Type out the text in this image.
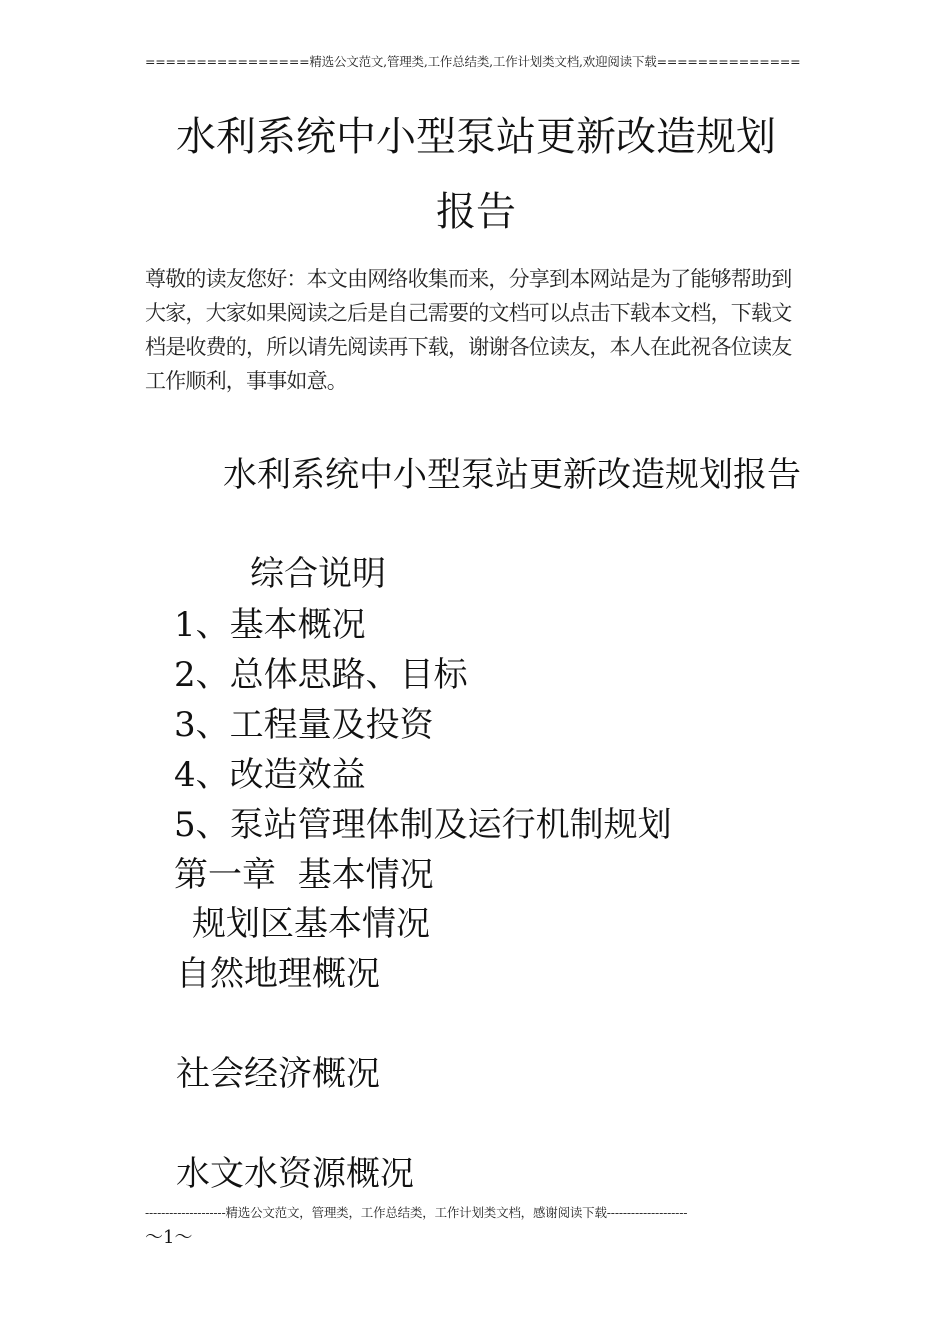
================精选公文范文,管理类,工作总结类,工作计划类文档,欢迎阅读下载==============
水利系统中小型泵站更新改造规划
报告
尊敬的读友您好：本文由网络收集而来，分享到本网站是为了能够帮助到大家，大家如果阅读之后是自己需要的文档可以点击下载本文档，下载文档是收费的，所以请先阅读再下载，谢谢各位读友，本人在此祝各位读友工作顺利，事事如意。
水利系统中小型泵站更新改造规划报告
综合说明
1、基本概况
2、总体思路、目标
3、工程量及投资
4、改造效益
5、泵站管理体制及运行机制规划
第一章  基本情况
规划区基本情况
自然地理概况
社会经济概况
水文水资源概况
--------------------精选公文范文，管理类，工作总结类，工作计划类文档，感谢阅读下载--------------------
～1～
